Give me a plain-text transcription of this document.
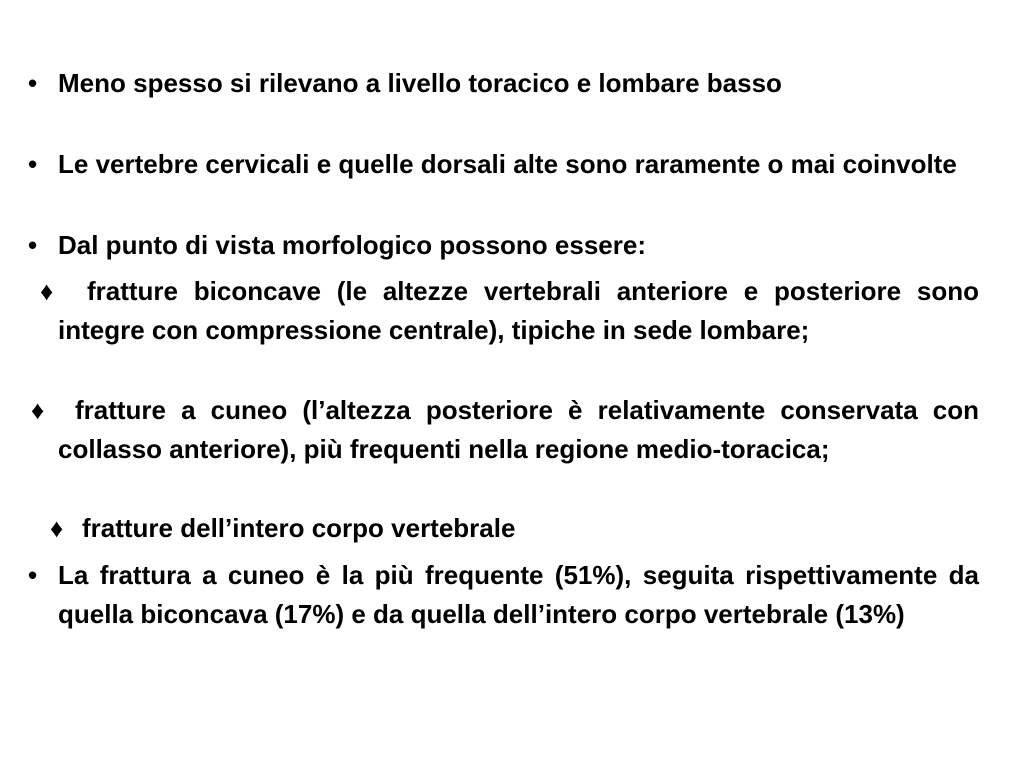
• Meno spesso si rilevano a livello toracico e lombare basso
• Le vertebre cervicali e quelle dorsali alte sono raramente o mai coinvolte
• Dal punto di vista morfologico possono essere:
♦	fratture biconcave (le altezze vertebrali anteriore e posteriore sono integre con compressione centrale), tipiche in sede lombare;
♦	fratture a cuneo (l’altezza posteriore è relativamente conservata con collasso anteriore), più frequenti nella regione medio-toracica;
♦ fratture dell’intero corpo vertebrale
• La frattura a cuneo è la più frequente (51%), seguita rispettivamente da quella biconcava (17%) e da quella dell’intero corpo vertebrale (13%)
